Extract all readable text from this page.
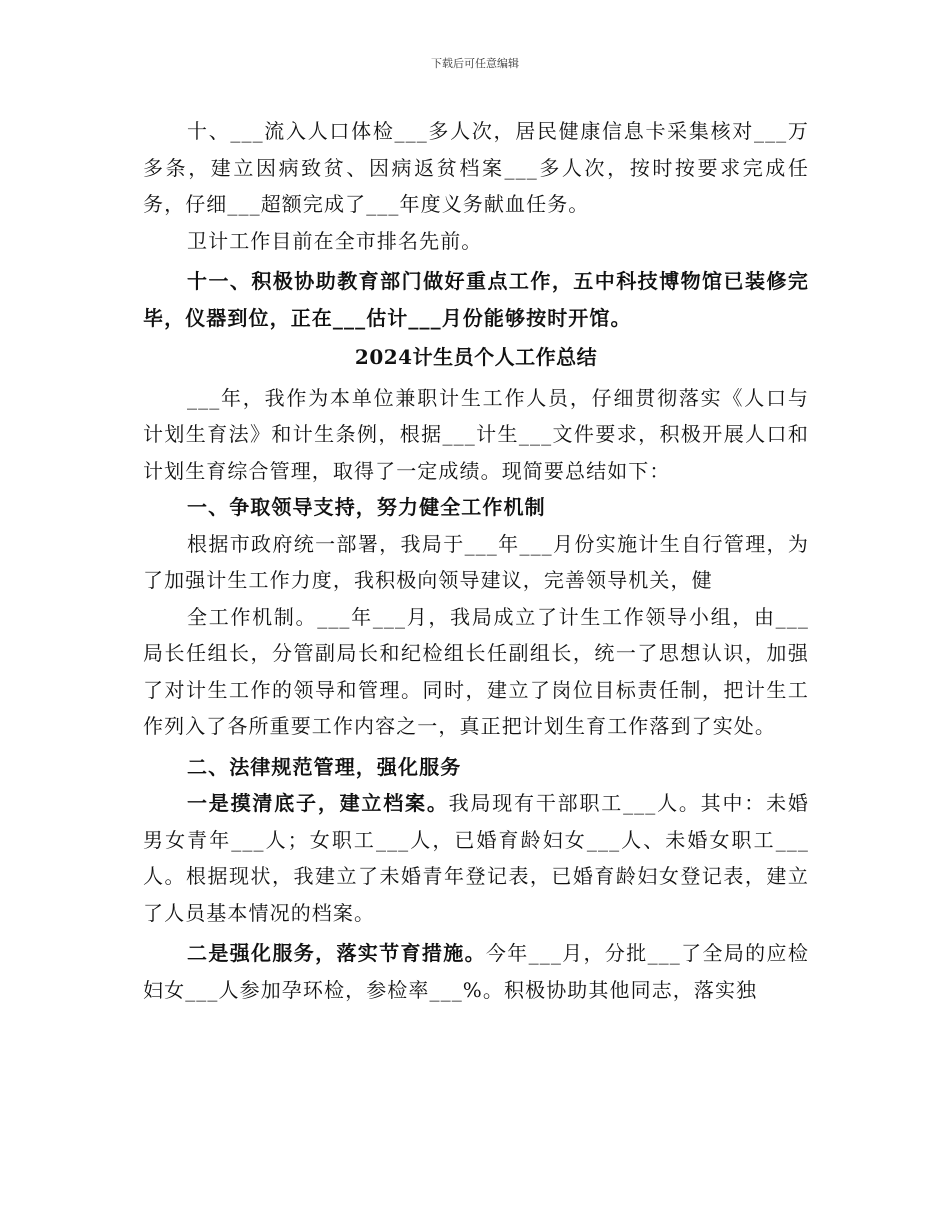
下载后可任意编辑

十、___流入人口体检___多人次，居民健康信息卡采集核对___万多条，建立因病致贫、因病返贫档案___多人次，按时按要求完成任务，仔细___超额完成了___年度义务献血任务。

卫计工作目前在全市排名先前。

十一、积极协助教育部门做好重点工作，五中科技博物馆已装修完毕，仪器到位，正在___估计___月份能够按时开馆。

2024计生员个人工作总结

___年，我作为本单位兼职计生工作人员，仔细贯彻落实《人口与计划生育法》和计生条例，根据___计生___文件要求，积极开展人口和计划生育综合管理，取得了一定成绩。现简要总结如下：

一、争取领导支持，努力健全工作机制

根据市政府统一部署，我局于___年___月份实施计生自行管理，为了加强计生工作力度，我积极向领导建议，完善领导机关，健

全工作机制。___年___月，我局成立了计生工作领导小组，由___局长任组长，分管副局长和纪检组长任副组长，统一了思想认识，加强了对计生工作的领导和管理。同时，建立了岗位目标责任制，把计生工作列入了各所重要工作内容之一，真正把计划生育工作落到了实处。

二、法律规范管理，强化服务

一是摸清底子，建立档案。我局现有干部职工___人。其中：未婚男女青年___人；女职工___人，已婚育龄妇女___人、未婚女职工___人。根据现状，我建立了未婚青年登记表，已婚育龄妇女登记表，建立了人员基本情况的档案。

二是强化服务，落实节育措施。今年___月，分批___了全局的应检妇女___人参加孕环检，参检率___%。积极协助其他同志，落实独
